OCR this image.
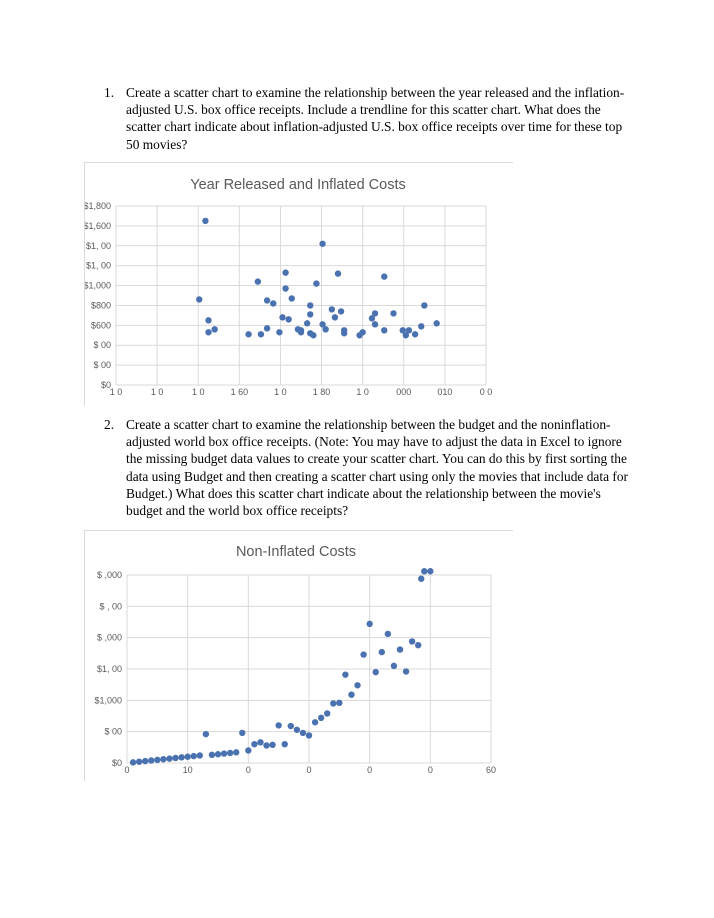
1. Create a scatter chart to examine the relationship between the year released and the inflation-adjusted U.S. box office receipts. Include a trendline for this scatter chart. What does the scatter chart indicate about inflation-adjusted U.S. box office receipts over time for these top 50 movies?
Year Released and Inflated Costs
$0
$ 00
$ 00
$600
$800
$1,000
$1, 00
$1, 00
$1,600
$1,800
1 0	1 0	1 0	1 60	1 0	1 80	1 0	000	010	0 0
2. Create a scatter chart to examine the relationship between the budget and the noninflation-adjusted world box office receipts. (Note: You may have to adjust the data in Excel to ignore the missing budget data values to create your scatter chart. You can do this by first sorting the data using Budget and then creating a scatter chart using only the movies that include data for Budget.) What does this scatter chart indicate about the relationship between the movie's budget and the world box office receipts?
Non-Inflated Costs
$0
$ 00
$1,000
$1, 00
$ ,000
$ , 00
$ ,000
0	10	0	0	0	0	60
